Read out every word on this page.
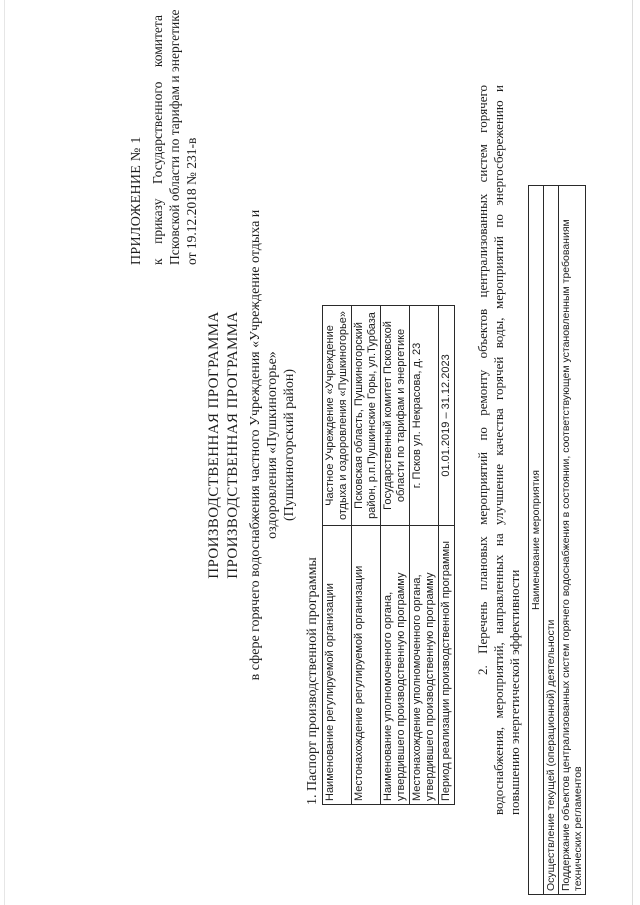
ПРИЛОЖЕНИЕ № 1 к
приказу
Государственного
комитета Псковской области по тарифам и энергетике от 19.12.2018 № 231-в
ПРОИЗВОДСТВЕННАЯ ПРОГРАММА ПРОИЗВОДСТВЕННАЯ ПРОГРАММА в сфере горячего водоснабжения частного Учреждения «Учреждение отдыха и оздоровления «Пушкиногорье» (Пушкиногорский район)
1. Паспорт производственной программы Наименование регулируемой организации	Частное Учреждение «Учреждение отдыха и оздоровления «Пушкиногорье»
Местонахождение регулируемой организации	Псковская область, Пушкиногорский район, р.п.Пушкинские Горы, ул.Турбаза
Наименование уполномоченного органа, утвердившего производственную программу	Государственный комитет Псковской области по тарифам и энергетике
Местонахождение уполномоченного органа, утвердившего производственную программу	г. Псков ул. Некрасова, д. 23
Период реализации производственной программы	01.01.2019 – 31.12.2023 2. Перечень плановых мероприятий по ремонту объектов централизованных систем горячего водоснабжения, мероприятий, направленных на улучшение качества горячей воды, мероприятий по энергосбережению и повышению энергетической эффективности
Наименование мероприятия
Осуществление текущей (операционной) деятельности
Поддержание объектов централизованных систем горячего водоснабжения в состоянии, соответствующем установленным требованиям технических регламентов
